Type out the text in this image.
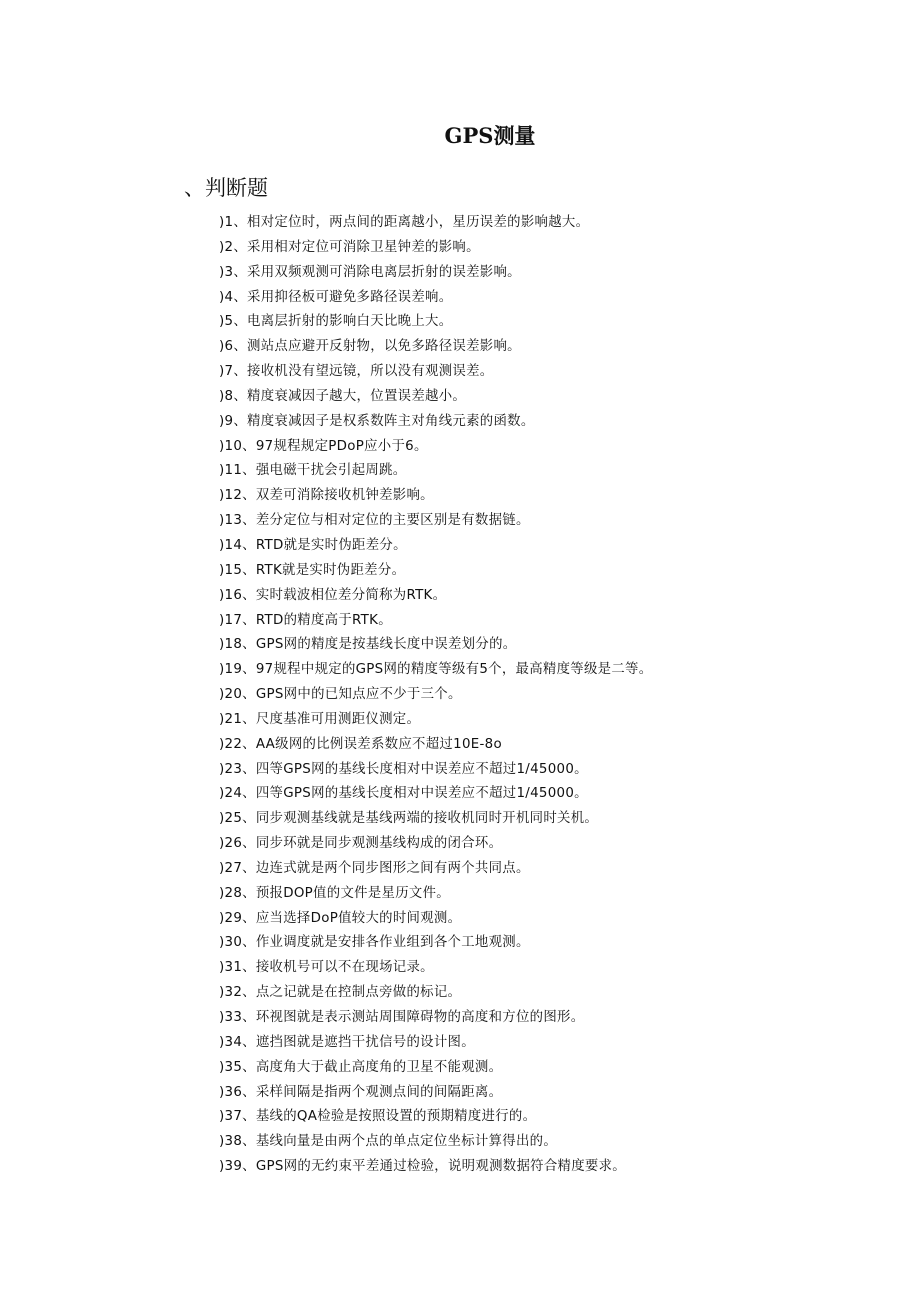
GPS测量
、判断题
)1、相对定位时，两点间的距离越小，星历误差的影响越大。
)2、采用相对定位可消除卫星钟差的影响。
)3、采用双频观测可消除电离层折射的误差影响。
)4、采用抑径板可避免多路径误差响。
)5、电离层折射的影响白天比晚上大。
)6、测站点应避开反射物，以免多路径误差影响。
)7、接收机没有望远镜，所以没有观测误差。
)8、精度衰减因子越大，位置误差越小。
)9、精度衰减因子是权系数阵主对角线元素的函数。
)10、97规程规定PDoP应小于6。
)11、强电磁干扰会引起周跳。
)12、双差可消除接收机钟差影响。
)13、差分定位与相对定位的主要区别是有数据链。
)14、RTD就是实时伪距差分。
)15、RTK就是实时伪距差分。
)16、实时载波相位差分简称为RTK。
)17、RTD的精度高于RTK。
)18、GPS网的精度是按基线长度中误差划分的。
)19、97规程中规定的GPS网的精度等级有5个，最高精度等级是二等。
)20、GPS网中的已知点应不少于三个。
)21、尺度基准可用测距仪测定。
)22、AA级网的比例误差系数应不超过10E-8o
)23、四等GPS网的基线长度相对中误差应不超过1/45000。
)24、四等GPS网的基线长度相对中误差应不超过1/45000。
)25、同步观测基线就是基线两端的接收机同时开机同时关机。
)26、同步环就是同步观测基线构成的闭合环。
)27、边连式就是两个同步图形之间有两个共同点。
)28、预报DOP值的文件是星历文件。
)29、应当选择DoP值较大的时间观测。
)30、作业调度就是安排各作业组到各个工地观测。
)31、接收机号可以不在现场记录。
)32、点之记就是在控制点旁做的标记。
)33、环视图就是表示测站周围障碍物的高度和方位的图形。
)34、遮挡图就是遮挡干扰信号的设计图。
)35、高度角大于截止高度角的卫星不能观测。
)36、采样间隔是指两个观测点间的间隔距离。
)37、基线的QA检验是按照设置的预期精度进行的。
)38、基线向量是由两个点的单点定位坐标计算得出的。
)39、GPS网的无约束平差通过检验，说明观测数据符合精度要求。
